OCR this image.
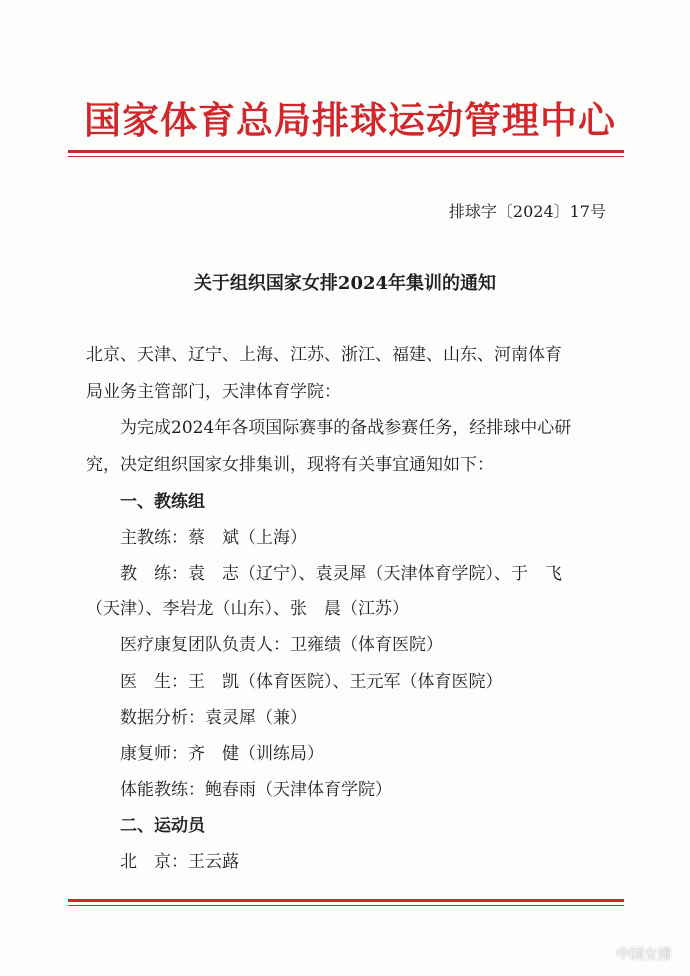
国家体育总局排球运动管理中心
排球字〔2024〕17号
关于组织国家女排2024年集训的通知
北京、天津、辽宁、上海、江苏、浙江、福建、山东、河南体育
局业务主管部门，天津体育学院：
为完成2024年各项国际赛事的备战参赛任务，经排球中心研
究，决定组织国家女排集训，现将有关事宜通知如下：
一、教练组
主教练：蔡　斌（上海）
教　练：袁　志（辽宁）、袁灵犀（天津体育学院）、于　飞
（天津）、李岩龙（山东）、张　晨（江苏）
医疗康复团队负责人：卫雍绩（体育医院）
医　生：王　凯（体育医院）、王元军（体育医院）
数据分析：袁灵犀（兼）
康复师：齐　健（训练局）
体能教练：鲍春雨（天津体育学院）
二、运动员
北　京：王云蕗
中国女排
